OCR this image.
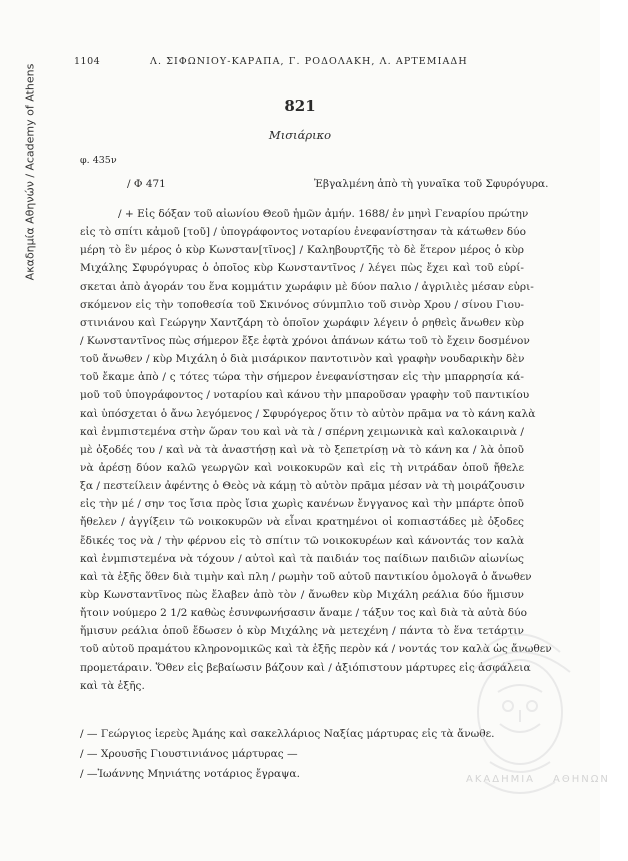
Ακαδημία Αθηνών / Academy of Athens
1104	Λ. ΣΙΦΩΝΙΟΥ-ΚΑΡΑΠΑ, Γ. ΡΟΔΟΛΑΚΗ, Λ. ΑΡΤΕΜΙΑΔΗ
821
Μισιάρικο
φ. 435ν
/ Φ 471	Ἐβγαλμένη ἀπὸ τὴ γυναῖκα τοῦ Σφυρόγυρα.
/ + Εἰς δόξαν τοῦ αἰωνίου Θεοῦ ἡμῶν ἀμήν. 1688/ ἐν μηνὶ Γεναρίου πρώτην
εἰς τὸ σπίτι κἀμοῦ [τοῦ] / ὑπογράφοντος νοταρίου ἐνεφανίστησαν τὰ κάτωθεν δύο
μέρη τὸ ἓν μέρος ὁ κὺρ Κωνσταν[τῖνος] / Καληβουρτζῆς τὸ δὲ ἕτερον μέρος ὁ κὺρ
Μιχάλης Σφυρόγυρας ὁ ὁποῖος κὺρ Κωνσταντῖνος / λέγει πὼς ἔχει καὶ τοῦ εὑρί-
σκεται ἀπὸ ἀγοράν του ἕνα κομμάτιν χωράφιν μὲ δύον παλιο / ἀγριλιὲς μέσαν εὑρι-
σκόμενον εἰς τὴν τοποθεσία τοῦ Σκινόνος σύνμπλιο τοῦ σινὸρ Χρου / σίνου Γιου-
στινιάνου καὶ Γεώργην Χαντζάρη τὸ ὁποῖον χωράφιν λέγειν ὁ ρηθεὶς ἄνωθεν κὺρ
/ Κωνσταντῖνος πὼς σήμερον ἔξε ἑφτὰ χρόνοι ἀπάνων κάτω τοῦ τὸ ἔχειν δοσμένον
τοῦ ἄνωθεν / κὺρ Μιχάλη ὁ διὰ μισάρικον παντοτινὸν καὶ γραφὴν νουδαρικὴν δὲν
τοῦ ἔκαμε ἀπὸ / ς τότες τώρα τὴν σήμερον ἐνεφανίστησαν εἰς τὴν μπαρρησία κά-
μοῦ τοῦ ὑπογράφοντος / νοταρίου καὶ κάνου τὴν μπαροῦσαν γραφὴν τοῦ παντικίου
καὶ ὑπόσχεται ὁ ἄνω λεγόμενος / Σφυρόγερος ὅτιν τὸ αὐτὸν πρᾶμα να τὸ κάνη καλὰ
καὶ ἐνμπιστεμένα στὴν ὥραν του καὶ νὰ τὰ / σπέρνη χειμωνικὰ καὶ καλοκαιρινὰ /
μὲ ὀξοδές του / καὶ νὰ τὰ ἀναστήσῃ καὶ νὰ τὸ ξεπετρίσῃ νὰ τὸ κάνη κα / λὰ ὁποῦ
νὰ ἀρέσῃ δύον καλῶ γεωργῶν καὶ νοικοκυρῶν καὶ εἰς τὴ νιτράδαν ὁποῦ ἤθελε
ξα / πεστείλειν ἀφέντης ὁ Θεὸς νὰ κάμῃ τὸ αὐτὸν πρᾶμα μέσαν νὰ τὴ μοιράζουσιν
εἰς τὴν μέ / σην τος ἴσια πρὸς ἴσια χωρὶς κανένων ἔνγγανος καὶ τὴν μπάρτε ὁποῦ
ἤθελεν / ἀγγίξειν τῶ νοικοκυρῶν νὰ εἶναι κρατημένοι οἱ κοπιαστάδες μὲ ὀξοδες
ἔδικές τος νὰ / τὴν φέρνου εἰς τὸ σπίτιν τῶ νοικοκυρέων καὶ κάνοντάς τον καλὰ
καὶ ἐνμπιστεμένα νὰ τόχουν / αὐτοὶ καὶ τὰ παιδιάν τος παίδιων παιδιῶν αἰωνίως
καὶ τὰ ἑξῆς ὅθεν διὰ τιμὴν καὶ πλη / ρωμὴν τοῦ αὐτοῦ παντικίου ὁμολογᾶ ὁ ἄνωθεν
κὺρ Κωνσταντῖνος πὼς ἔλαβεν ἀπὸ τὸν / ἄνωθεν κὺρ Μιχάλη ρεάλια δύο ἥμισυν
ἤτοιν νούμερο 2 1/2 καθὼς ἐσυνφωνήσασιν ἄναμε / τάξυν τος καὶ διὰ τὰ αὐτὰ δύο
ἥμισυν ρεάλια ὁποῦ ἔδωσεν ὁ κὺρ Μιχάλης νὰ μετεχένη / πάντα τὸ ἕνα τετάρτιν
τοῦ αὐτοῦ πραμάτου κληρονομικῶς καὶ τὰ ἑξῆς περὸν κά / νοντάς τον καλὰ ὡς ἄνωθεν
προμετάραιν. Ὅθεν εἰς βεβαίωσιν βάζουν καὶ / ἀξιόπιστουν μάρτυρες εἰς ἀσφάλεια
καὶ τὰ ἑξῆς.
/ — Γεώργιος ἱερεὺς Ἀμάης καὶ σακελλάριος Ναξίας μάρτυρας εἰς τὰ ἄνωθε.
/ — Χρουσῆς Γιουστινιάνος μάρτυρας —
/ —Ἰωάννης Μηνιάτης νοτάριος ἔγραψα.	ΑΚΑΔΗΜΙΑ ΑΘΗΝΩΝ
